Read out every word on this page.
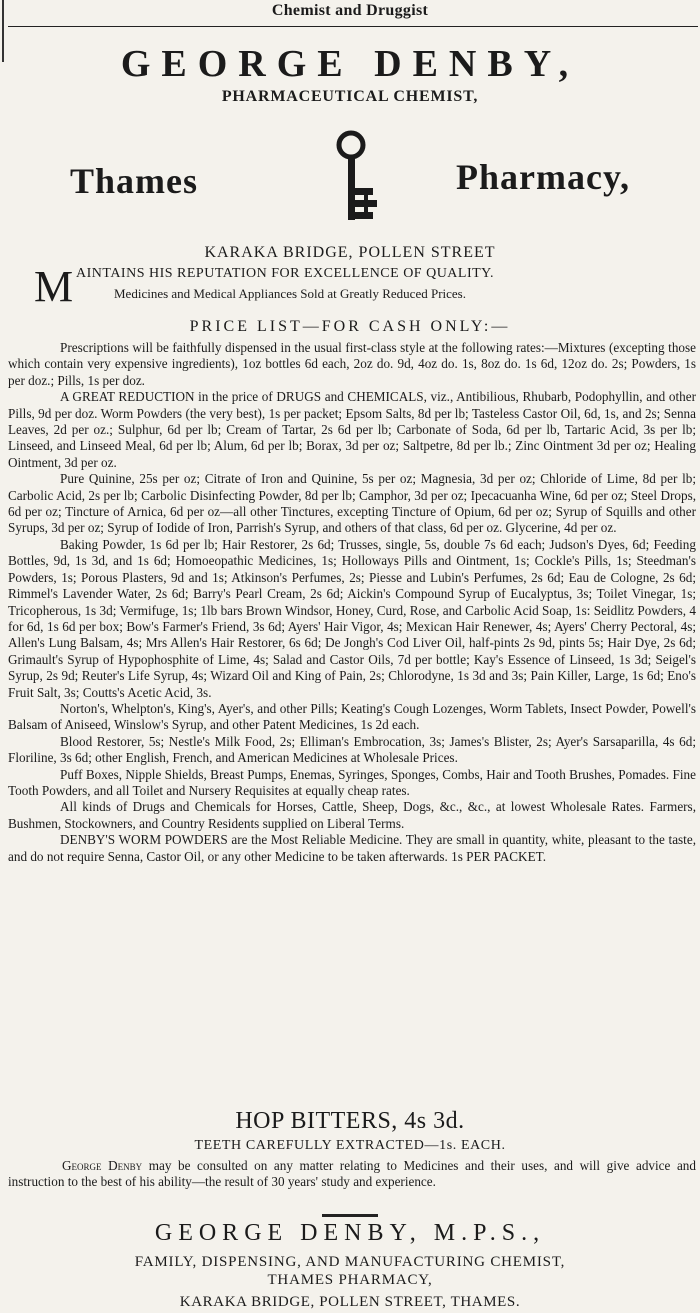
Chemist and Druggist
GEORGE DENBY,
PHARMACEUTICAL CHEMIST,
Thames	Pharmacy,
KARAKA BRIDGE, POLLEN STREET
M AINTAINS HIS REPUTATION FOR EXCELLENCE OF QUALITY.
Medicines and Medical Appliances Sold at Greatly Reduced Prices.
PRICE LIST—FOR CASH ONLY:—

Prescriptions will be faithfully dispensed in the usual first-class style at the following rates:—Mixtures (excepting those which contain very expensive ingredients), 1oz bottles 6d each, 2oz do. 9d, 4oz do. 1s, 8oz do. 1s 6d, 12oz do. 2s; Powders, 1s per doz.; Pills, 1s per doz.

A GREAT REDUCTION in the price of DRUGS and CHEMICALS, viz., Antibilious, Rhubarb, Podophyllin, and other Pills, 9d per doz. Worm Powders (the very best), 1s per packet; Epsom Salts, 8d per lb; Tasteless Castor Oil, 6d, 1s, and 2s; Senna Leaves, 2d per oz.; Sulphur, 6d per lb; Cream of Tartar, 2s 6d per lb; Carbonate of Soda, 6d per lb, Tartaric Acid, 3s per lb; Linseed, and Linseed Meal, 6d per lb; Alum, 6d per lb; Borax, 3d per oz; Saltpetre, 8d per lb.; Zinc Ointment 3d per oz; Healing Ointment, 3d per oz.

Pure Quinine, 25s per oz; Citrate of Iron and Quinine, 5s per oz; Magnesia, 3d per oz; Chloride of Lime, 8d per lb; Carbolic Acid, 2s per lb; Carbolic Disinfecting Powder, 8d per lb; Camphor, 3d per oz; Ipecacuanha Wine, 6d per oz; Steel Drops, 6d per oz; Tincture of Arnica, 6d per oz—all other Tinctures, excepting Tincture of Opium, 6d per oz; Syrup of Squills and other Syrups, 3d per oz; Syrup of Iodide of Iron, Parrish's Syrup, and others of that class, 6d per oz. Glycerine, 4d per oz.

Baking Powder, 1s 6d per lb; Hair Restorer, 2s 6d; Trusses, single, 5s, double 7s 6d each; Judson's Dyes, 6d; Feeding Bottles, 9d, 1s 3d, and 1s 6d; Homoeopathic Medicines, 1s; Holloways Pills and Ointment, 1s; Cockle's Pills, 1s; Steedman's Powders, 1s; Porous Plasters, 9d and 1s; Atkinson's Perfumes, 2s; Piesse and Lubin's Perfumes, 2s 6d; Eau de Cologne, 2s 6d; Rimmel's Lavender Water, 2s 6d; Barry's Pearl Cream, 2s 6d; Aickin's Compound Syrup of Eucalyptus, 3s; Toilet Vinegar, 1s; Tricopherous, 1s 3d; Vermifuge, 1s; 1lb bars Brown Windsor, Honey, Curd, Rose, and Carbolic Acid Soap, 1s: Seidlitz Powders, 4 for 6d, 1s 6d per box; Bow's Farmer's Friend, 3s 6d; Ayers' Hair Vigor, 4s; Mexican Hair Renewer, 4s; Ayers' Cherry Pectoral, 4s; Allen's Lung Balsam, 4s; Mrs Allen's Hair Restorer, 6s 6d; De Jongh's Cod Liver Oil, half-pints 2s 9d, pints 5s; Hair Dye, 2s 6d; Grimault's Syrup of Hypophosphite of Lime, 4s; Salad and Castor Oils, 7d per bottle; Kay's Essence of Linseed, 1s 3d; Seigel's Syrup, 2s 9d; Reuter's Life Syrup, 4s; Wizard Oil and King of Pain, 2s; Chlorodyne, 1s 3d and 3s; Pain Killer, Large, 1s 6d; Eno's Fruit Salt, 3s; Coutts's Acetic Acid, 3s.

Norton's, Whelpton's, King's, Ayer's, and other Pills; Keating's Cough Lozenges, Worm Tablets, Insect Powder, Powell's Balsam of Aniseed, Winslow's Syrup, and other Patent Medicines, 1s 2d each.

Blood Restorer, 5s; Nestle's Milk Food, 2s; Elliman's Embrocation, 3s; James's Blister, 2s; Ayer's Sarsaparilla, 4s 6d; Floriline, 3s 6d; other English, French, and American Medicines at Wholesale Prices.

Puff Boxes, Nipple Shields, Breast Pumps, Enemas, Syringes, Sponges, Combs, Hair and Tooth Brushes, Pomades. Fine Tooth Powders, and all Toilet and Nursery Requisites at equally cheap rates.

All kinds of Drugs and Chemicals for Horses, Cattle, Sheep, Dogs, &c., &c., at lowest Wholesale Rates. Farmers, Bushmen, Stockowners, and Country Residents supplied on Liberal Terms.

DENBY'S WORM POWDERS are the Most Reliable Medicine. They are small in quantity, white, pleasant to the taste, and do not require Senna, Castor Oil, or any other Medicine to be taken afterwards. 1s PER PACKET.

HOP BITTERS, 4s 3d.
TEETH CAREFULLY EXTRACTED—1s. EACH.

George Denby may be consulted on any matter relating to Medicines and their uses, and will give advice and instruction to the best of his ability—the result of 30 years' study and experience.

GEORGE DENBY, M.P.S.,
FAMILY, DISPENSING, AND MANUFACTURING CHEMIST,
THAMES PHARMACY,
KARAKA BRIDGE, POLLEN STREET, THAMES.
